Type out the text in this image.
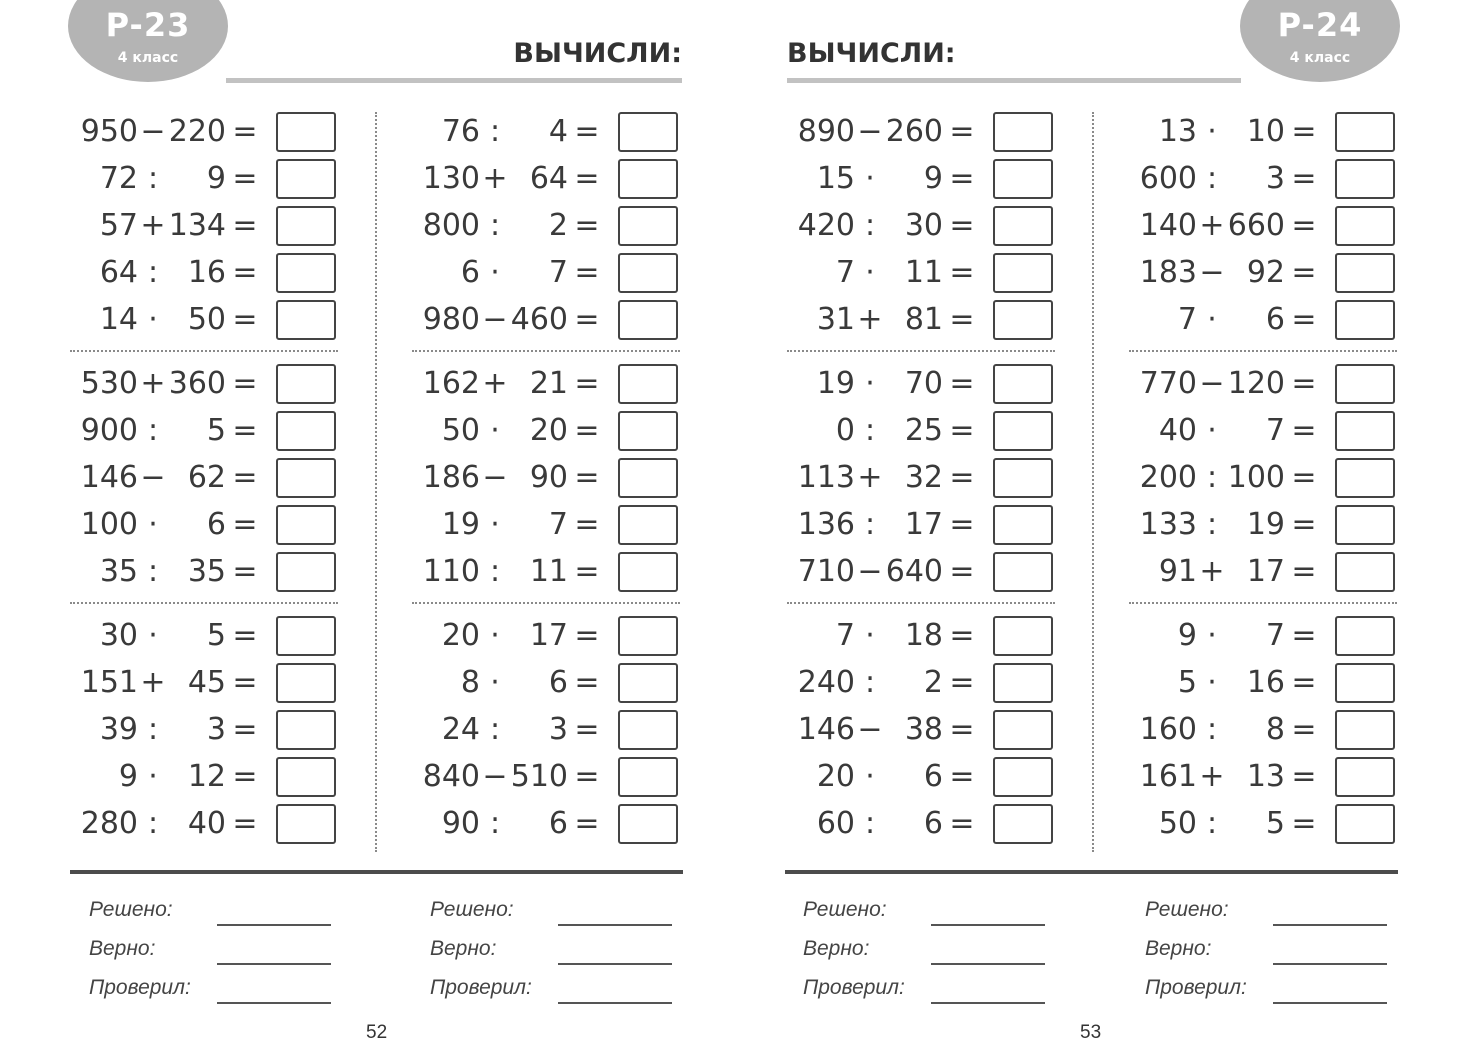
P-23
4 класс	ВЫЧИСЛИ:
950 − 220 =
72 :	9 =
57 + 134 =
64 : 16 =
14 ·	50 =
530 + 360 =
900 :	5 =
146 − 62 =
100 ·	6 =
35 : 35 =
30 ·	5 =
151 + 45 =
39 :	3 =
9 ·	12 =
280 : 40 =
76 :	4 =
130 + 64 =
800 :	2 =
6 ·	7 =
980 − 460 =
162 + 21 =
50 ·	20 =
186 − 90 =
19 ·	7 =
110 : 11 =
20 ·	17 =
8 ·	6 =
24 :	3 =
840 − 510 =
90 :	6 =
Решено:
Верно:
Проверил:
Решено:
Верно:
Проверил:
52
P-24
4 класс
ВЫЧИСЛИ:
890 − 260 =
15 ·	9 =
420 : 30 =
7 ·	11 =
31 + 81 =
19 ·	70 =
0 : 25 =
113 + 32 =
136 : 17 =
710 − 640 =
7 ·	18 =
240 :	2 =
146 − 38 =
20 ·	6 =
60 :	6 =
13 ·	10 =
600 :	3 =
140 + 660 =
183 − 92 =
7 ·	6 =
770 − 120 =
40 ·	7 =
200 : 100 =
133 : 19 =
91 + 17 =
9 ·	7 =
5 ·	16 =
160 :	8 =
161 + 13 =
50 :	5 =
Решено:
Верно:
Проверил:
Решено:
Верно:
Проверил:
53
